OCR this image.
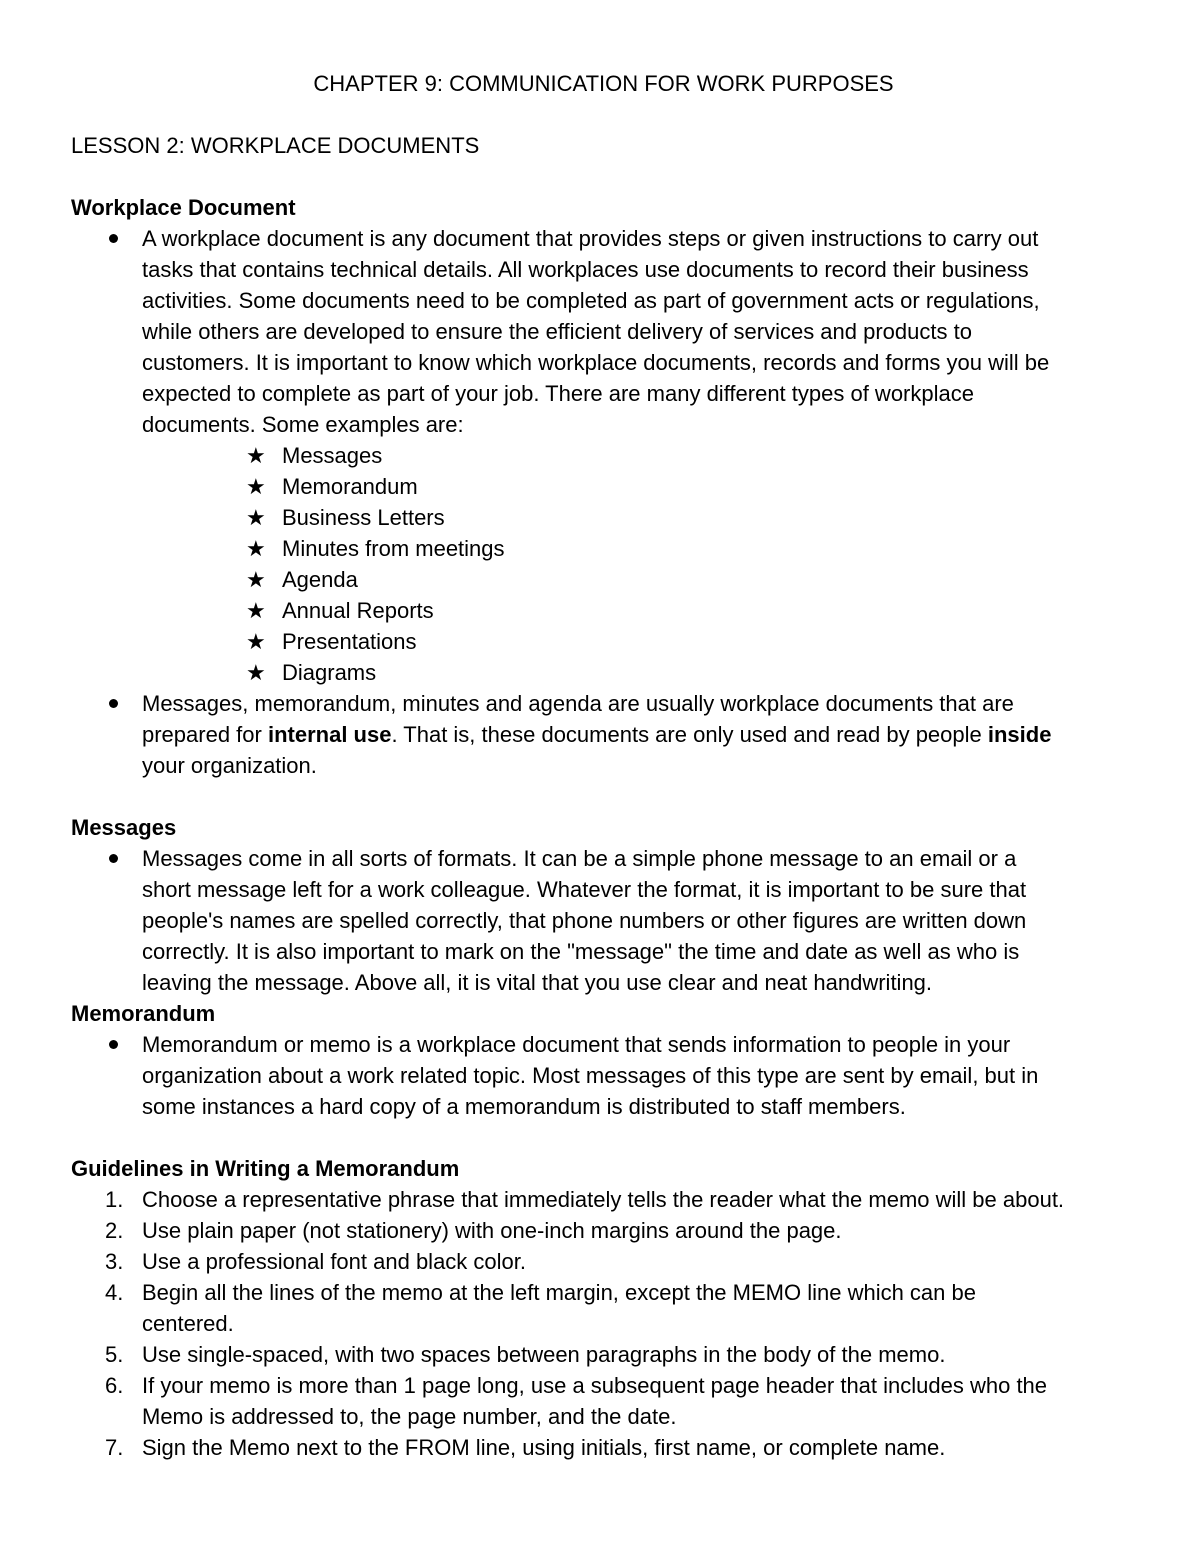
CHAPTER 9: COMMUNICATION FOR WORK PURPOSES
LESSON 2: WORKPLACE DOCUMENTS
Workplace Document
A workplace document is any document that provides steps or given instructions to carry out
tasks that contains technical details. All workplaces use documents to record their business
activities. Some documents need to be completed as part of government acts or regulations,
while others are developed to ensure the efficient delivery of services and products to
customers. It is important to know which workplace documents, records and forms you will be
expected to complete as part of your job. There are many different types of workplace
documents. Some examples are:
★ Messages
★ Memorandum
★ Business Letters
★ Minutes from meetings
★ Agenda
★ Annual Reports
★ Presentations
★ Diagrams
Messages, memorandum, minutes and agenda are usually workplace documents that are
prepared for internal use. That is, these documents are only used and read by people inside
your organization.
Messages
Messages come in all sorts of formats. It can be a simple phone message to an email or a
short message left for a work colleague. Whatever the format, it is important to be sure that
people's names are spelled correctly, that phone numbers or other figures are written down
correctly. It is also important to mark on the "message" the time and date as well as who is
leaving the message. Above all, it is vital that you use clear and neat handwriting.
Memorandum
Memorandum or memo is a workplace document that sends information to people in your
organization about a work related topic. Most messages of this type are sent by email, but in
some instances a hard copy of a memorandum is distributed to staff members.
Guidelines in Writing a Memorandum
1. Choose a representative phrase that immediately tells the reader what the memo will be about.
2. Use plain paper (not stationery) with one-inch margins around the page.
3. Use a professional font and black color.
4. Begin all the lines of the memo at the left margin, except the MEMO line which can be
centered.
5. Use single-spaced, with two spaces between paragraphs in the body of the memo.
6. If your memo is more than 1 page long, use a subsequent page header that includes who the
Memo is addressed to, the page number, and the date.
7. Sign the Memo next to the FROM line, using initials, first name, or complete name.
